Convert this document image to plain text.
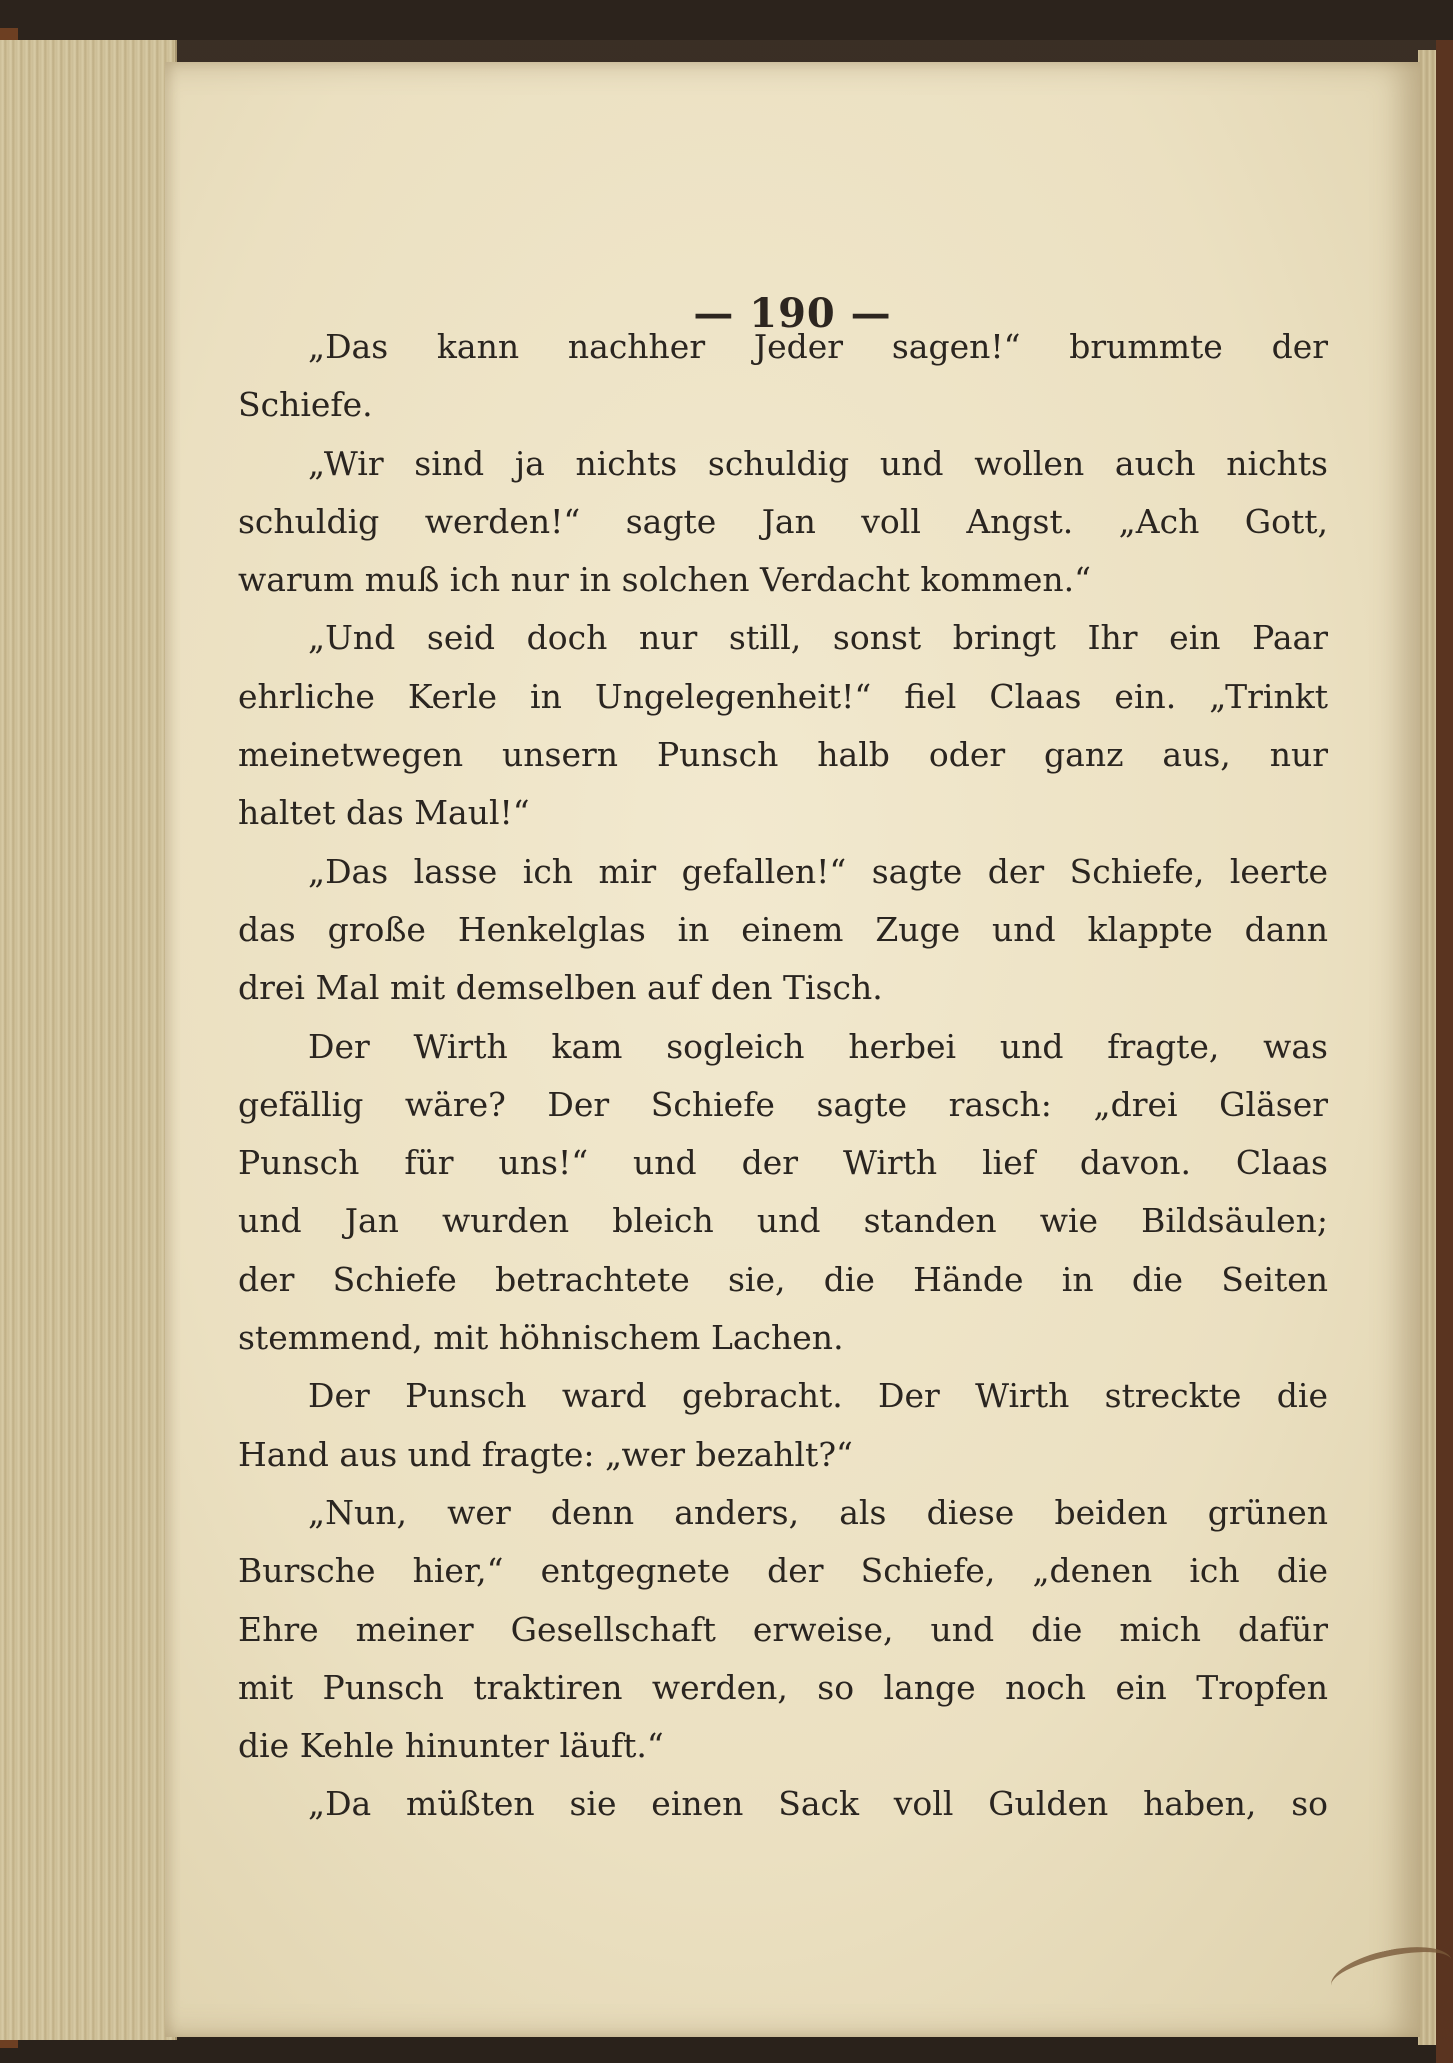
— 190 —
„Das kann nachher Jeder sagen!“ brummte der
Schiefe.
„Wir sind ja nichts schuldig und wollen auch nichts
schuldig werden!“ sagte Jan voll Angst. „Ach Gott,
warum muß ich nur in solchen Verdacht kommen.“
„Und seid doch nur still, sonst bringt Ihr ein Paar
ehrliche Kerle in Ungelegenheit!“ fiel Claas ein. „Trinkt
meinetwegen unsern Punsch halb oder ganz aus, nur
haltet das Maul!“
„Das lasse ich mir gefallen!“ sagte der Schiefe, leerte
das große Henkelglas in einem Zuge und klappte dann
drei Mal mit demselben auf den Tisch.
Der Wirth kam sogleich herbei und fragte, was
gefällig wäre? Der Schiefe sagte rasch: „drei Gläser
Punsch für uns!“ und der Wirth lief davon. Claas
und Jan wurden bleich und standen wie Bildsäulen;
der Schiefe betrachtete sie, die Hände in die Seiten
stemmend, mit höhnischem Lachen.
Der Punsch ward gebracht. Der Wirth streckte die
Hand aus und fragte: „wer bezahlt?“
„Nun, wer denn anders, als diese beiden grünen
Bursche hier,“ entgegnete der Schiefe, „denen ich die
Ehre meiner Gesellschaft erweise, und die mich dafür
mit Punsch traktiren werden, so lange noch ein Tropfen
die Kehle hinunter läuft.“
„Da müßten sie einen Sack voll Gulden haben, so
